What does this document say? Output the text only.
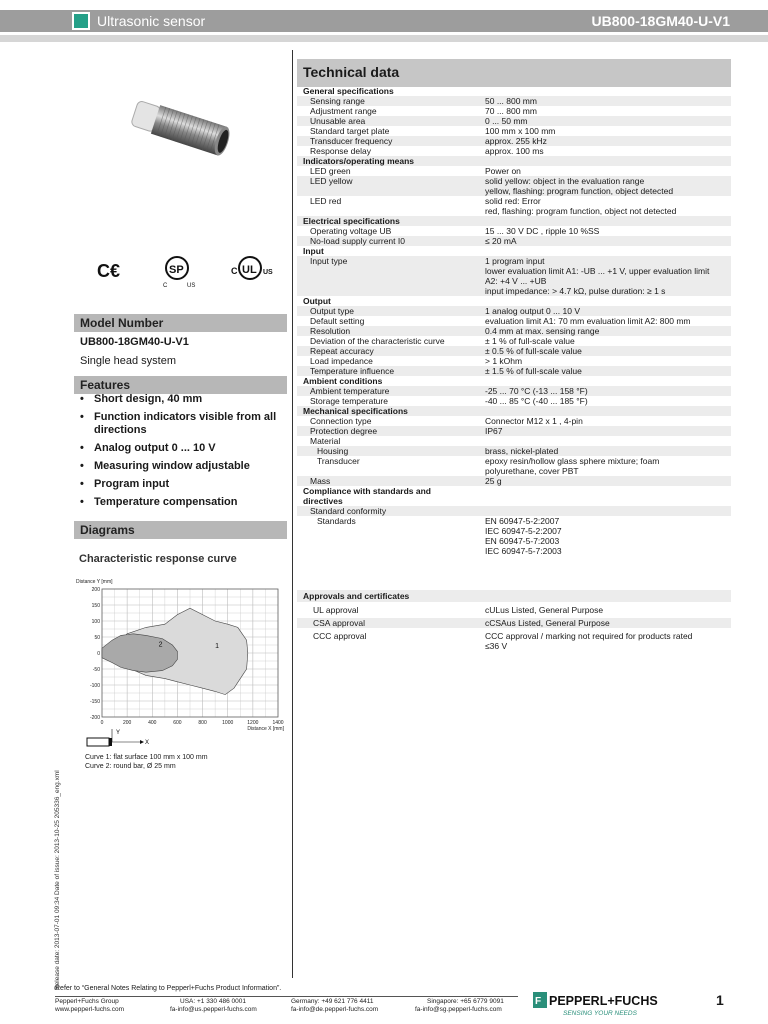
Ultrasonic sensor	UB800-18GM40-U-V1
C€	SP
C	US
C UL US
Model Number
UB800-18GM40-U-V1
Single head system
Features
• Short design, 40 mm
• Function indicators visible from all directions
• Analog output 0 ... 10 V
• Measuring window adjustable
• Program input
• Temperature compensation
Diagrams
Characteristic response curve
1
2
0	200	400	600	800	1000	1200	1400
200
150
100
50
0
-50
-100
-150
-200
Distance Y [mm]
Distance X [mm]
Y
X
Curve 1: flat surface 100 mm x 100 mm
Curve 2: round bar, Ø 25 mm
Release date: 2013-07-01 09:34 Date of issue: 2013-10-25 205336_eng.xml
Technical data
General specifications
Sensing range	50 ... 800 mm
Adjustment range	70 ... 800 mm
Unusable area	0 ... 50 mm
Standard target plate	100 mm x 100 mm
Transducer frequency	approx. 255 kHz
Response delay	approx. 100 ms
Indicators/operating means
LED green	Power on
LED yellow	solid yellow: object in the evaluation range
yellow, flashing: program function, object detected
LED red	solid red: Error
red, flashing: program function, object not detected
Electrical specifications
Operating voltage UB	15 ... 30 V DC , ripple 10 %SS
No-load supply current I0	≤ 20 mA
Input
Input type	1 program input
lower evaluation limit A1: -UB ... +1 V, upper evaluation limit
A2: +4 V ... +UB
input impedance: > 4.7 kΩ, pulse duration: ≥ 1 s
Output
Output type	1 analog output 0 ... 10 V
Default setting	evaluation limit A1: 70 mm evaluation limit A2: 800 mm
Resolution	0.4 mm at max. sensing range
Deviation of the characteristic curve	± 1 % of full-scale value
Repeat accuracy	± 0.5 % of full-scale value
Load impedance	> 1 kOhm
Temperature influence	± 1.5 % of full-scale value
Ambient conditions
Ambient temperature	-25 ... 70 °C (-13 ... 158 °F)
Storage temperature	-40 ... 85 °C (-40 ... 185 °F)
Mechanical specifications
Connection type	Connector M12 x 1 , 4-pin
Protection degree	IP67
Material
Housing	brass, nickel-plated
Transducer	epoxy resin/hollow glass sphere mixture; foam
polyurethane, cover PBT
Mass	25 g
Compliance with standards and
directives
Standard conformity
Standards	EN 60947-5-2:2007
IEC 60947-5-2:2007
EN 60947-5-7:2003
IEC 60947-5-7:2003
Approvals and certificates
UL approval	cULus Listed, General Purpose
CSA approval	cCSAus Listed, General Purpose
CCC approval	CCC approval / marking not required for products rated
≤36 V
Refer to “General Notes Relating to Pepperl+Fuchs Product Information”.
Pepperl+Fuchs Group
www.pepperl-fuchs.com
USA: +1 330 486 0001
fa-info@us.pepperl-fuchs.com
Germany: +49 621 776 4411
fa-info@de.pepperl-fuchs.com
Singapore: +65 6779 9091
fa-info@sg.pepperl-fuchs.com
F PEPPERL+FUCHS
SENSING YOUR NEEDS
1
